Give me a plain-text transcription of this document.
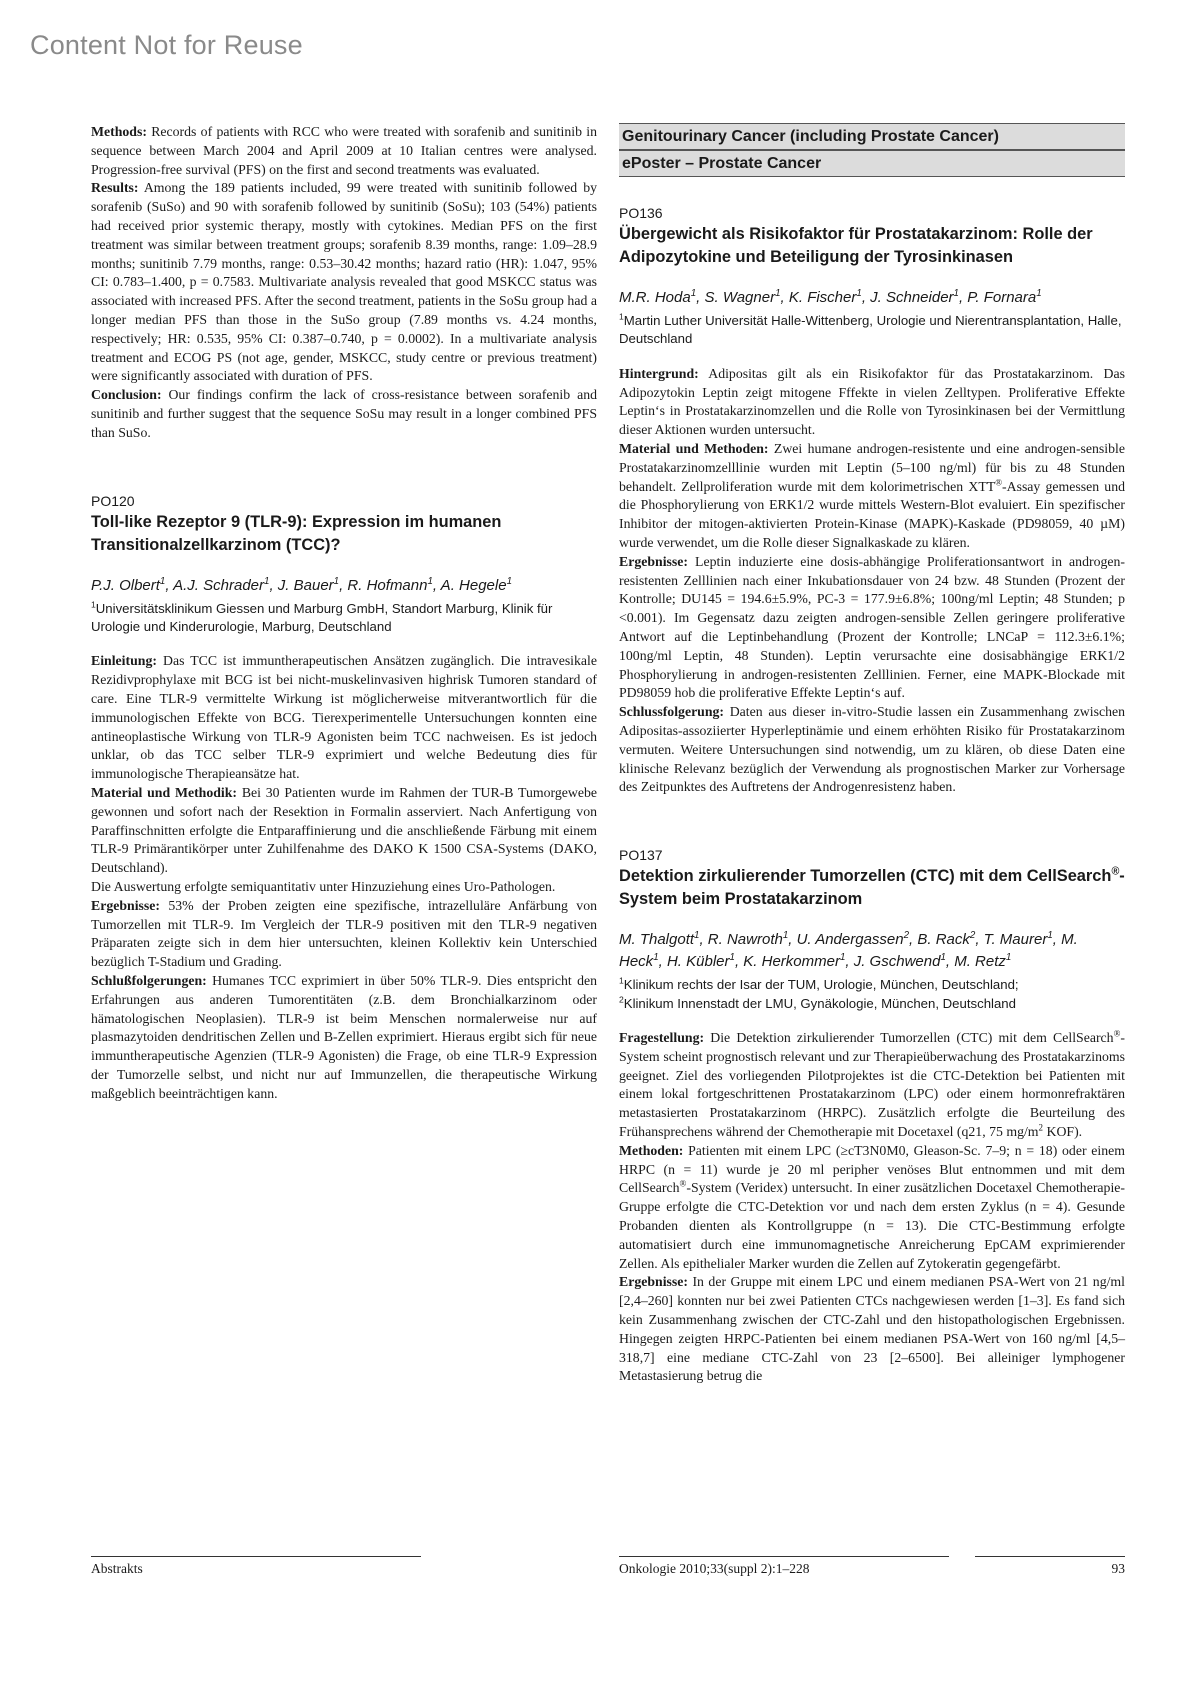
Content Not for Reuse

Methods: Records of patients with RCC who were treated with sorafenib and sunitinib in sequence between March 2004 and April 2009 at 10 Italian centres were analysed. Progression-free survival (PFS) on the first and second treatments was evaluated.

Results: Among the 189 patients included, 99 were treated with sunitinib followed by sorafenib (SuSo) and 90 with sorafenib followed by sunitinib (SoSu); 103 (54%) patients had received prior systemic therapy, mostly with cytokines. Median PFS on the first treatment was similar between treatment groups; sorafenib 8.39 months, range: 1.09–28.9 months; sunitinib 7.79 months, range: 0.53–30.42 months; hazard ratio (HR): 1.047, 95% CI: 0.783–1.400, p = 0.7583. Multivariate analysis revealed that good MSKCC status was associated with increased PFS. After the second treatment, patients in the SoSu group had a longer median PFS than those in the SuSo group (7.89 months vs. 4.24 months, respectively; HR: 0.535, 95% CI: 0.387–0.740, p = 0.0002). In a multivariate analysis treatment and ECOG PS (not age, gender, MSKCC, study centre or previous treatment) were significantly associated with duration of PFS.

Conclusion: Our findings confirm the lack of cross-resistance between sorafenib and sunitinib and further suggest that the sequence SoSu may result in a longer combined PFS than SuSo.

PO120
Toll-like Rezeptor 9 (TLR-9): Expression im humanen Transitionalzellkarzinom (TCC)?
P.J. Olbert$^1$, A.J. Schrader$^1$, J. Bauer$^1$, R. Hofmann$^1$, A. Hegele$^1$
$^1$Universitätsklinikum Giessen und Marburg GmbH, Standort Marburg, Klinik für Urologie und Kinderurologie, Marburg, Deutschland

Einleitung: Das TCC ist immuntherapeutischen Ansätzen zugänglich. Die intravesikale Rezidivprophylaxe mit BCG ist bei nicht-muskelinvasiven highrisk Tumoren standard of care. Eine TLR-9 vermittelte Wirkung ist möglicherweise mitverantwortlich für die immunologischen Effekte von BCG. Tierexperimentelle Untersuchungen konnten eine antineoplastische Wirkung von TLR-9 Agonisten beim TCC nachweisen. Es ist jedoch unklar, ob das TCC selber TLR-9 exprimiert und welche Bedeutung dies für immunologische Therapieansätze hat.

Material und Methodik: Bei 30 Patienten wurde im Rahmen der TUR-B Tumorgewebe gewonnen und sofort nach der Resektion in Formalin asserviert. Nach Anfertigung von Paraffinschnitten erfolgte die Entparaffinierung und die anschließende Färbung mit einem TLR-9 Primärantikörper unter Zuhilfenahme des DAKO K 1500 CSA-Systems (DAKO, Deutschland).

Die Auswertung erfolgte semiquantitativ unter Hinzuziehung eines Uro-Pathologen.

Ergebnisse: 53% der Proben zeigten eine spezifische, intrazelluläre Anfärbung von Tumorzellen mit TLR-9. Im Vergleich der TLR-9 positiven mit den TLR-9 negativen Präparaten zeigte sich in dem hier untersuchten, kleinen Kollektiv kein Unterschied bezüglich T-Stadium und Grading.

Schlußfolgerungen: Humanes TCC exprimiert in über 50% TLR-9. Dies entspricht den Erfahrungen aus anderen Tumorentitäten (z.B. dem Bronchialkarzinom oder hämatologischen Neoplasien). TLR-9 ist beim Menschen normalerweise nur auf plasmazytoiden dendritischen Zellen und B-Zellen exprimiert. Hieraus ergibt sich für neue immuntherapeutische Agenzien (TLR-9 Agonisten) die Frage, ob eine TLR-9 Expression der Tumorzelle selbst, und nicht nur auf Immunzellen, die therapeutische Wirkung maßgeblich beeinträchtigen kann.

Genitourinary Cancer (including Prostate Cancer)
ePoster – Prostate Cancer
PO136
Übergewicht als Risikofaktor für Prostatakarzinom: Rolle der Adipozytokine und Beteiligung der Tyrosinkinasen
M.R. Hoda$^1$, S. Wagner$^1$, K. Fischer$^1$, J. Schneider$^1$, P. Fornara$^1$
$^1$Martin Luther Universität Halle-Wittenberg, Urologie und Nierentransplantation, Halle, Deutschland

Hintergrund: Adipositas gilt als ein Risikofaktor für das Prostatakarzinom. Das Adipozytokin Leptin zeigt mitogene Fffekte in vielen Zelltypen. Proliferative Effekte Leptin‘s in Prostatakarzinomzellen und die Rolle von Tyrosinkinasen bei der Vermittlung dieser Aktionen wurden untersucht.

Material und Methoden: Zwei humane androgen-resistente und eine androgen-sensible Prostatakarzinomzelllinie wurden mit Leptin (5–100 ng/ml) für bis zu 48 Stunden behandelt. Zellproliferation wurde mit dem kolorimetrischen XTT®-Assay gemessen und die Phosphorylierung von ERK1/2 wurde mittels Western-Blot evaluiert. Ein spezifischer Inhibitor der mitogen-aktivierten Protein-Kinase (MAPK)-Kaskade (PD98059, 40 µM) wurde verwendet, um die Rolle dieser Signalkaskade zu klären.

Ergebnisse: Leptin induzierte eine dosis-abhängige Proliferationsantwort in androgen-resistenten Zelllinien nach einer Inkubationsdauer von 24 bzw. 48 Stunden (Prozent der Kontrolle; DU145 = 194.6±5.9%, PC-3 = 177.9±6.8%; 100ng/ml Leptin; 48 Stunden; p <0.001). Im Gegensatz dazu zeigten androgen-sensible Zellen geringere proliferative Antwort auf die Leptinbehandlung (Prozent der Kontrolle; LNCaP = 112.3±6.1%; 100ng/ml Leptin, 48 Stunden). Leptin verursachte eine dosisabhängige ERK1/2 Phosphorylierung in androgen-resistenten Zelllinien. Ferner, eine MAPK-Blockade mit PD98059 hob die proliferative Effekte Leptin‘s auf.

Schlussfolgerung: Daten aus dieser in-vitro-Studie lassen ein Zusammenhang zwischen Adipositas-assoziierter Hyperleptinämie und einem erhöhten Risiko für Prostatakarzinom vermuten. Weitere Untersuchungen sind notwendig, um zu klären, ob diese Daten eine klinische Relevanz bezüglich der Verwendung als prognostischen Marker zur Vorhersage des Zeitpunktes des Auftretens der Androgenresistenz haben.

PO137
Detektion zirkulierender Tumorzellen (CTC) mit dem CellSearch®-System beim Prostatakarzinom
M. Thalgott$^1$, R. Nawroth$^1$, U. Andergassen$^2$, B. Rack$^2$, T. Maurer$^1$, M. Heck$^1$, H. Kübler$^1$, K. Herkommer$^1$, J. Gschwend$^1$, M. Retz$^1$
$^1$Klinikum rechts der Isar der TUM, Urologie, München, Deutschland;
$^2$Klinikum Innenstadt der LMU, Gynäkologie, München, Deutschland

Fragestellung: Die Detektion zirkulierender Tumorzellen (CTC) mit dem CellSearch®-System scheint prognostisch relevant und zur Therapieüberwachung des Prostatakarzinoms geeignet. Ziel des vorliegenden Pilotprojektes ist die CTC-Detektion bei Patienten mit einem lokal fortgeschrittenen Prostatakarzinom (LPC) oder einem hormonrefraktären metastasierten Prostatakarzinom (HRPC). Zusätzlich erfolgte die Beurteilung des Frühansprechens während der Chemotherapie mit Docetaxel (q21, 75 $mg/m^2$ KOF).

Methoden: Patienten mit einem LPC (≥cT3N0M0, Gleason-Sc. 7–9; n = 18) oder einem HRPC (n = 11) wurde je 20 ml peripher venöses Blut entnommen und mit dem CellSearch®-System (Veridex) untersucht. In einer zusätzlichen Docetaxel Chemotherapie-Gruppe erfolgte die CTC-Detektion vor und nach dem ersten Zyklus (n = 4). Gesunde Probanden dienten als Kontrollgruppe (n = 13). Die CTC-Bestimmung erfolgte automatisiert durch eine immunomagnetische Anreicherung EpCAM exprimierender Zellen. Als epithelialer Marker wurden die Zellen auf Zytokeratin gegengefärbt.

Ergebnisse: In der Gruppe mit einem LPC und einem medianen PSA-Wert von 21 ng/ml [2,4–260] konnten nur bei zwei Patienten CTCs nachgewiesen werden [1–3]. Es fand sich kein Zusammenhang zwischen der CTC-Zahl und den histopathologischen Ergebnissen. Hingegen zeigten HRPC-Patienten bei einem medianen PSA-Wert von 160 ng/ml [4,5–318,7] eine mediane CTC-Zahl von 23 [2–6500]. Bei alleiniger lymphogener Metastasierung betrug die

Abstrakts	Onkologie 2010;33(suppl 2):1–228	93
